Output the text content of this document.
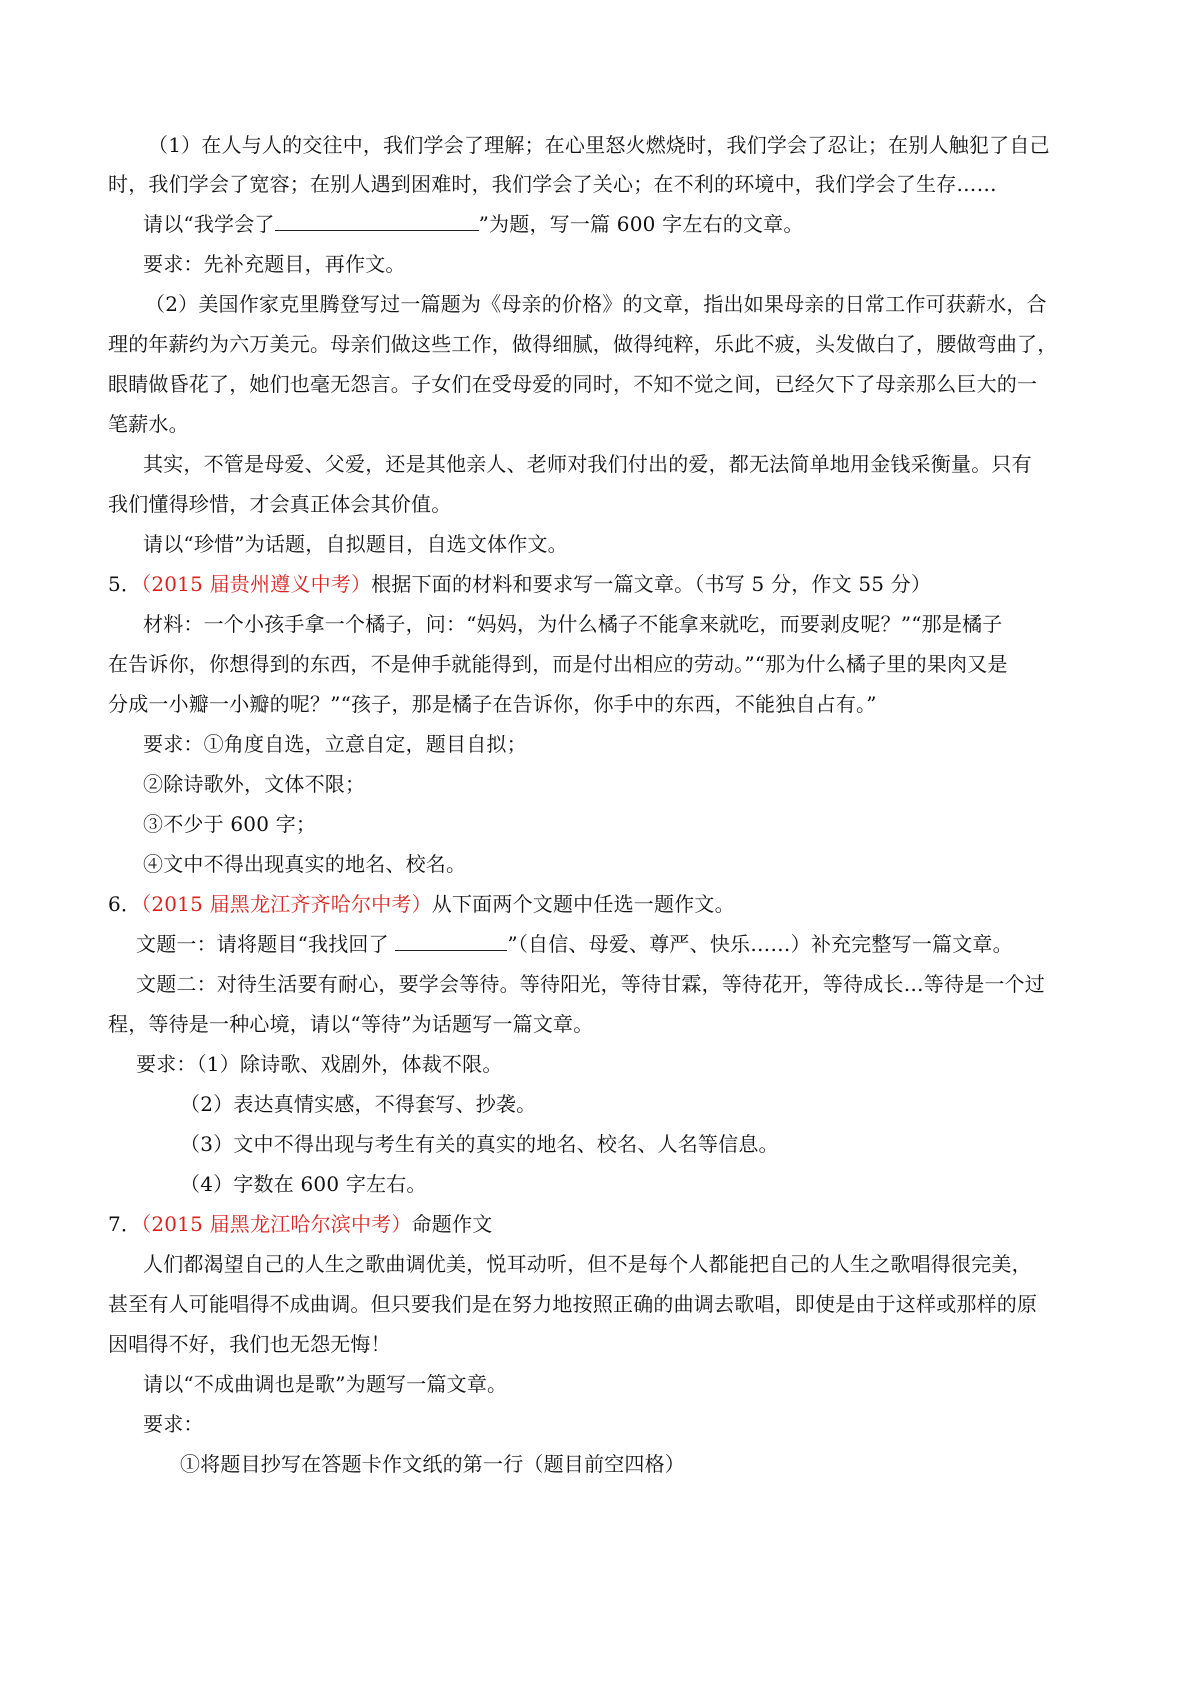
（1）在人与人的交往中，我们学会了理解；在心里怒火燃烧时，我们学会了忍让；在别人触犯了自己
时，我们学会了宽容；在别人遇到困难时，我们学会了关心；在不利的环境中，我们学会了生存……
请以“我学会了	”为题，写一篇 600 字左右的文章。
要求：先补充题目，再作文。
（2）美国作家克里腾登写过一篇题为《母亲的价格》的文章，指出如果母亲的日常工作可获薪水，合
理的年薪约为六万美元。母亲们做这些工作，做得细腻，做得纯粹，乐此不疲，头发做白了，腰做弯曲了，
眼睛做昏花了，她们也毫无怨言。子女们在受母爱的同时，不知不觉之间，已经欠下了母亲那么巨大的一
笔薪水。
其实，不管是母爱、父爱，还是其他亲人、老师对我们付出的爱，都无法简单地用金钱采衡量。只有
我们懂得珍惜，才会真正体会其价值。
请以“珍惜”为话题，自拟题目，自选文体作文。
5．（2015 届贵州遵义中考）根据下面的材料和要求写一篇文章。（书写 5 分，作文 55 分）
材料：一个小孩手拿一个橘子，问：“妈妈，为什么橘子不能拿来就吃，而要剥皮呢？”“那是橘子
在告诉你，你想得到的东西，不是伸手就能得到，而是付出相应的劳动。”“那为什么橘子里的果肉又是
分成一小瓣一小瓣的呢？”“孩子，那是橘子在告诉你，你手中的东西，不能独自占有。”
要求：①角度自选，立意自定，题目自拟；
②除诗歌外，文体不限；
③不少于 600 字；
④文中不得出现真实的地名、校名。
6．（2015 届黑龙江齐齐哈尔中考）从下面两个文题中任选一题作文。
文题一：请将题目“我找回了	”（自信、母爱、尊严、快乐……）补充完整写一篇文章。
文题二：对待生活要有耐心，要学会等待。等待阳光，等待甘霖，等待花开，等待成长…等待是一个过
程，等待是一种心境，请以“等待”为话题写一篇文章。
要求：（1）除诗歌、戏剧外，体裁不限。
（2）表达真情实感，不得套写、抄袭。
（3）文中不得出现与考生有关的真实的地名、校名、人名等信息。
（4）字数在 600 字左右。
7．（2015 届黑龙江哈尔滨中考）命题作文
人们都渴望自己的人生之歌曲调优美，悦耳动听，但不是每个人都能把自己的人生之歌唱得很完美，
甚至有人可能唱得不成曲调。但只要我们是在努力地按照正确的曲调去歌唱，即使是由于这样或那样的原
因唱得不好，我们也无怨无悔！
请以“不成曲调也是歌”为题写一篇文章。
要求：
①将题目抄写在答题卡作文纸的第一行（题目前空四格）
